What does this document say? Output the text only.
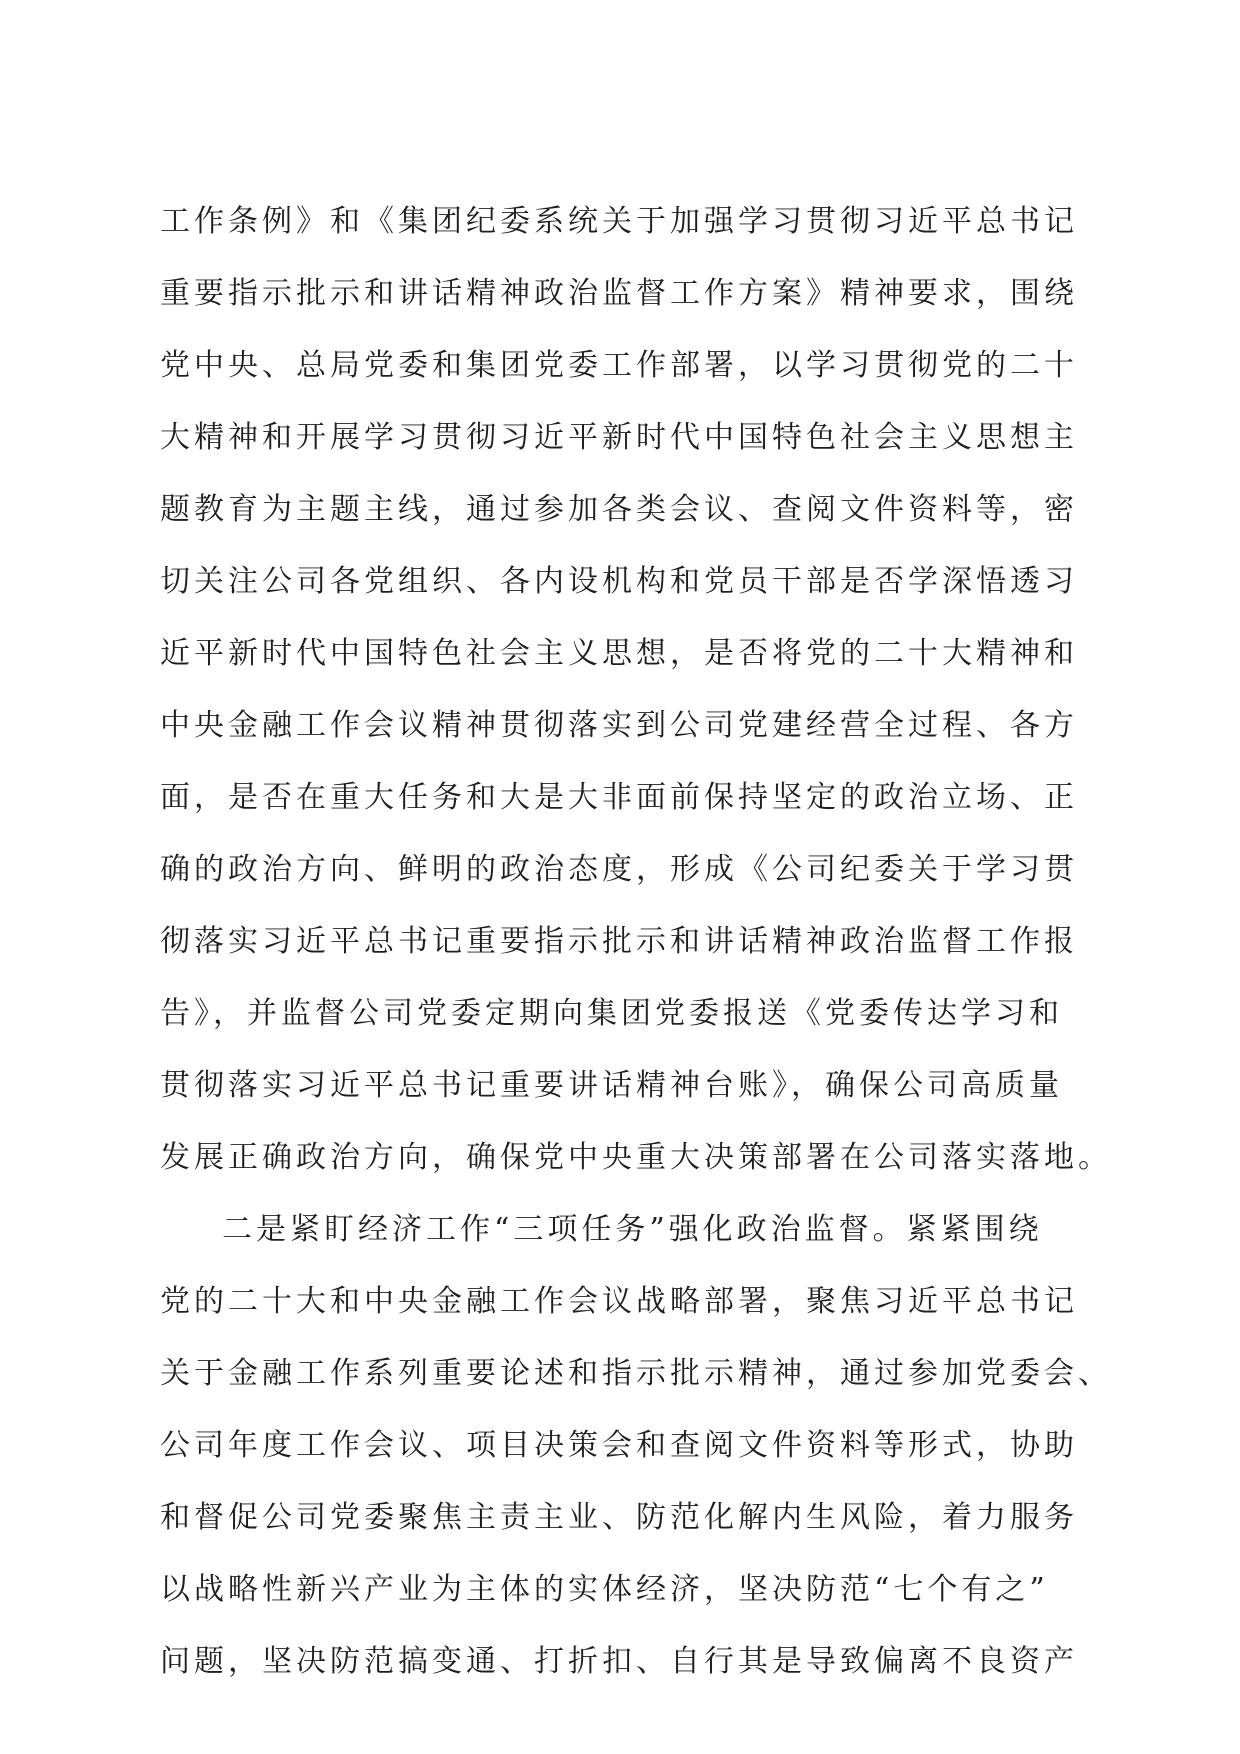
工作条例》和《集团纪委系统关于加强学习贯彻习近平总书记
重要指示批示和讲话精神政治监督工作方案》精神要求，围绕
党中央、总局党委和集团党委工作部署，以学习贯彻党的二十
大精神和开展学习贯彻习近平新时代中国特色社会主义思想主
题教育为主题主线，通过参加各类会议、查阅文件资料等，密
切关注公司各党组织、各内设机构和党员干部是否学深悟透习
近平新时代中国特色社会主义思想，是否将党的二十大精神和
中央金融工作会议精神贯彻落实到公司党建经营全过程、各方
面，是否在重大任务和大是大非面前保持坚定的政治立场、正
确的政治方向、鲜明的政治态度，形成《公司纪委关于学习贯
彻落实习近平总书记重要指示批示和讲话精神政治监督工作报
告》，并监督公司党委定期向集团党委报送《党委传达学习和
贯彻落实习近平总书记重要讲话精神台账》，确保公司高质量
发展正确政治方向，确保党中央重大决策部署在公司落实落地。
二是紧盯经济工作“三项任务”强化政治监督。紧紧围绕
党的二十大和中央金融工作会议战略部署，聚焦习近平总书记
关于金融工作系列重要论述和指示批示精神，通过参加党委会、
公司年度工作会议、项目决策会和查阅文件资料等形式，协助
和督促公司党委聚焦主责主业、防范化解内生风险，着力服务
以战略性新兴产业为主体的实体经济，坚决防范“七个有之”
问题，坚决防范搞变通、打折扣、自行其是导致偏离不良资产
